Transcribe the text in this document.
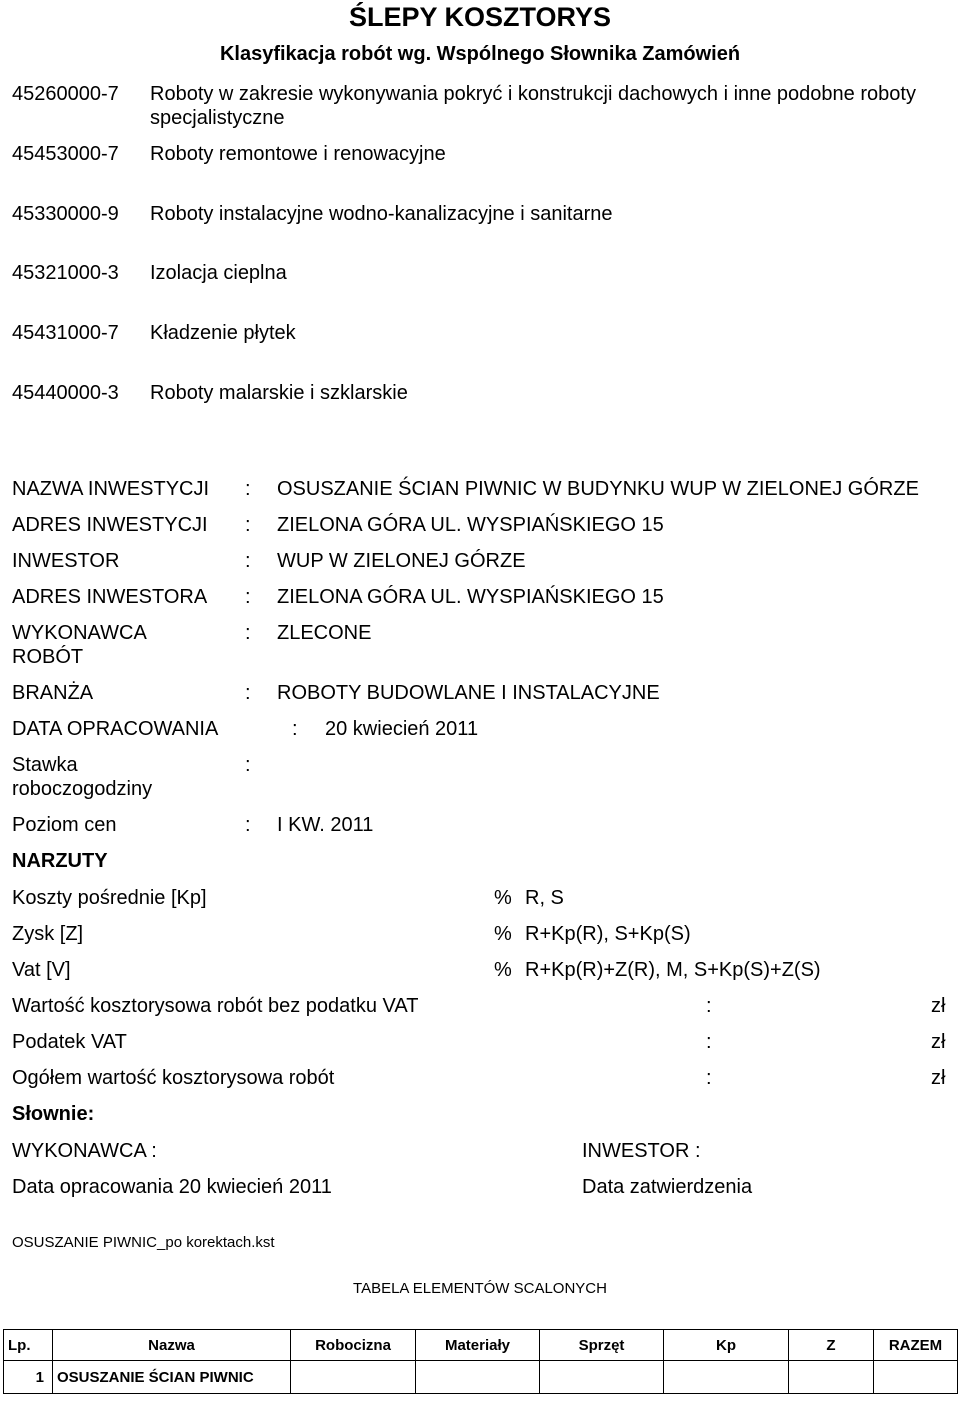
ŚLEPY KOSZTORYS
Klasyfikacja robót wg. Wspólnego Słownika Zamówień
45260000-7 Roboty w zakresie wykonywania pokryć i konstrukcji dachowych i inne podobne roboty specjalistyczne
45453000-7 Roboty remontowe i renowacyjne
45330000-9 Roboty instalacyjne wodno-kanalizacyjne i sanitarne
45321000-3 Izolacja cieplna
45431000-7 Kładzenie płytek
45440000-3 Roboty malarskie i szklarskie
NAZWA INWESTYCJI : OSUSZANIE ŚCIAN PIWNIC W BUDYNKU WUP W ZIELONEJ GÓRZE
ADRES INWESTYCJI : ZIELONA GÓRA UL. WYSPIAŃSKIEGO 15
INWESTOR	: WUP W ZIELONEJ GÓRZE
ADRES INWESTORA : ZIELONA GÓRA UL. WYSPIAŃSKIEGO 15
WYKONAWCA
ROBÓT
: ZLECONE
BRANŻA	: ROBOTY BUDOWLANE I INSTALACYJNE
DATA OPRACOWANIA	: 20 kwiecień 2011
Stawka
roboczogodziny
:
Poziom cen	: I KW. 2011
NARZUTY
Koszty pośrednie [Kp]	% R, S
Zysk [Z]	% R+Kp(R), S+Kp(S)
Vat [V]	% R+Kp(R)+Z(R), M, S+Kp(S)+Z(S)
Wartość kosztorysowa robót bez podatku VAT	:	zł
Podatek VAT	:	zł
Ogółem wartość kosztorysowa robót	:	zł
Słownie:
WYKONAWCA :	INWESTOR :
Data opracowania 20 kwiecień 2011	Data zatwierdzenia
OSUSZANIE PIWNIC_po korektach.kst
TABELA ELEMENTÓW SCALONYCH
Lp.	Nazwa	Robocizna	Materiały	Sprzęt	Kp	Z	RAZEM
1	OSUSZANIE ŚCIAN PIWNIC						
